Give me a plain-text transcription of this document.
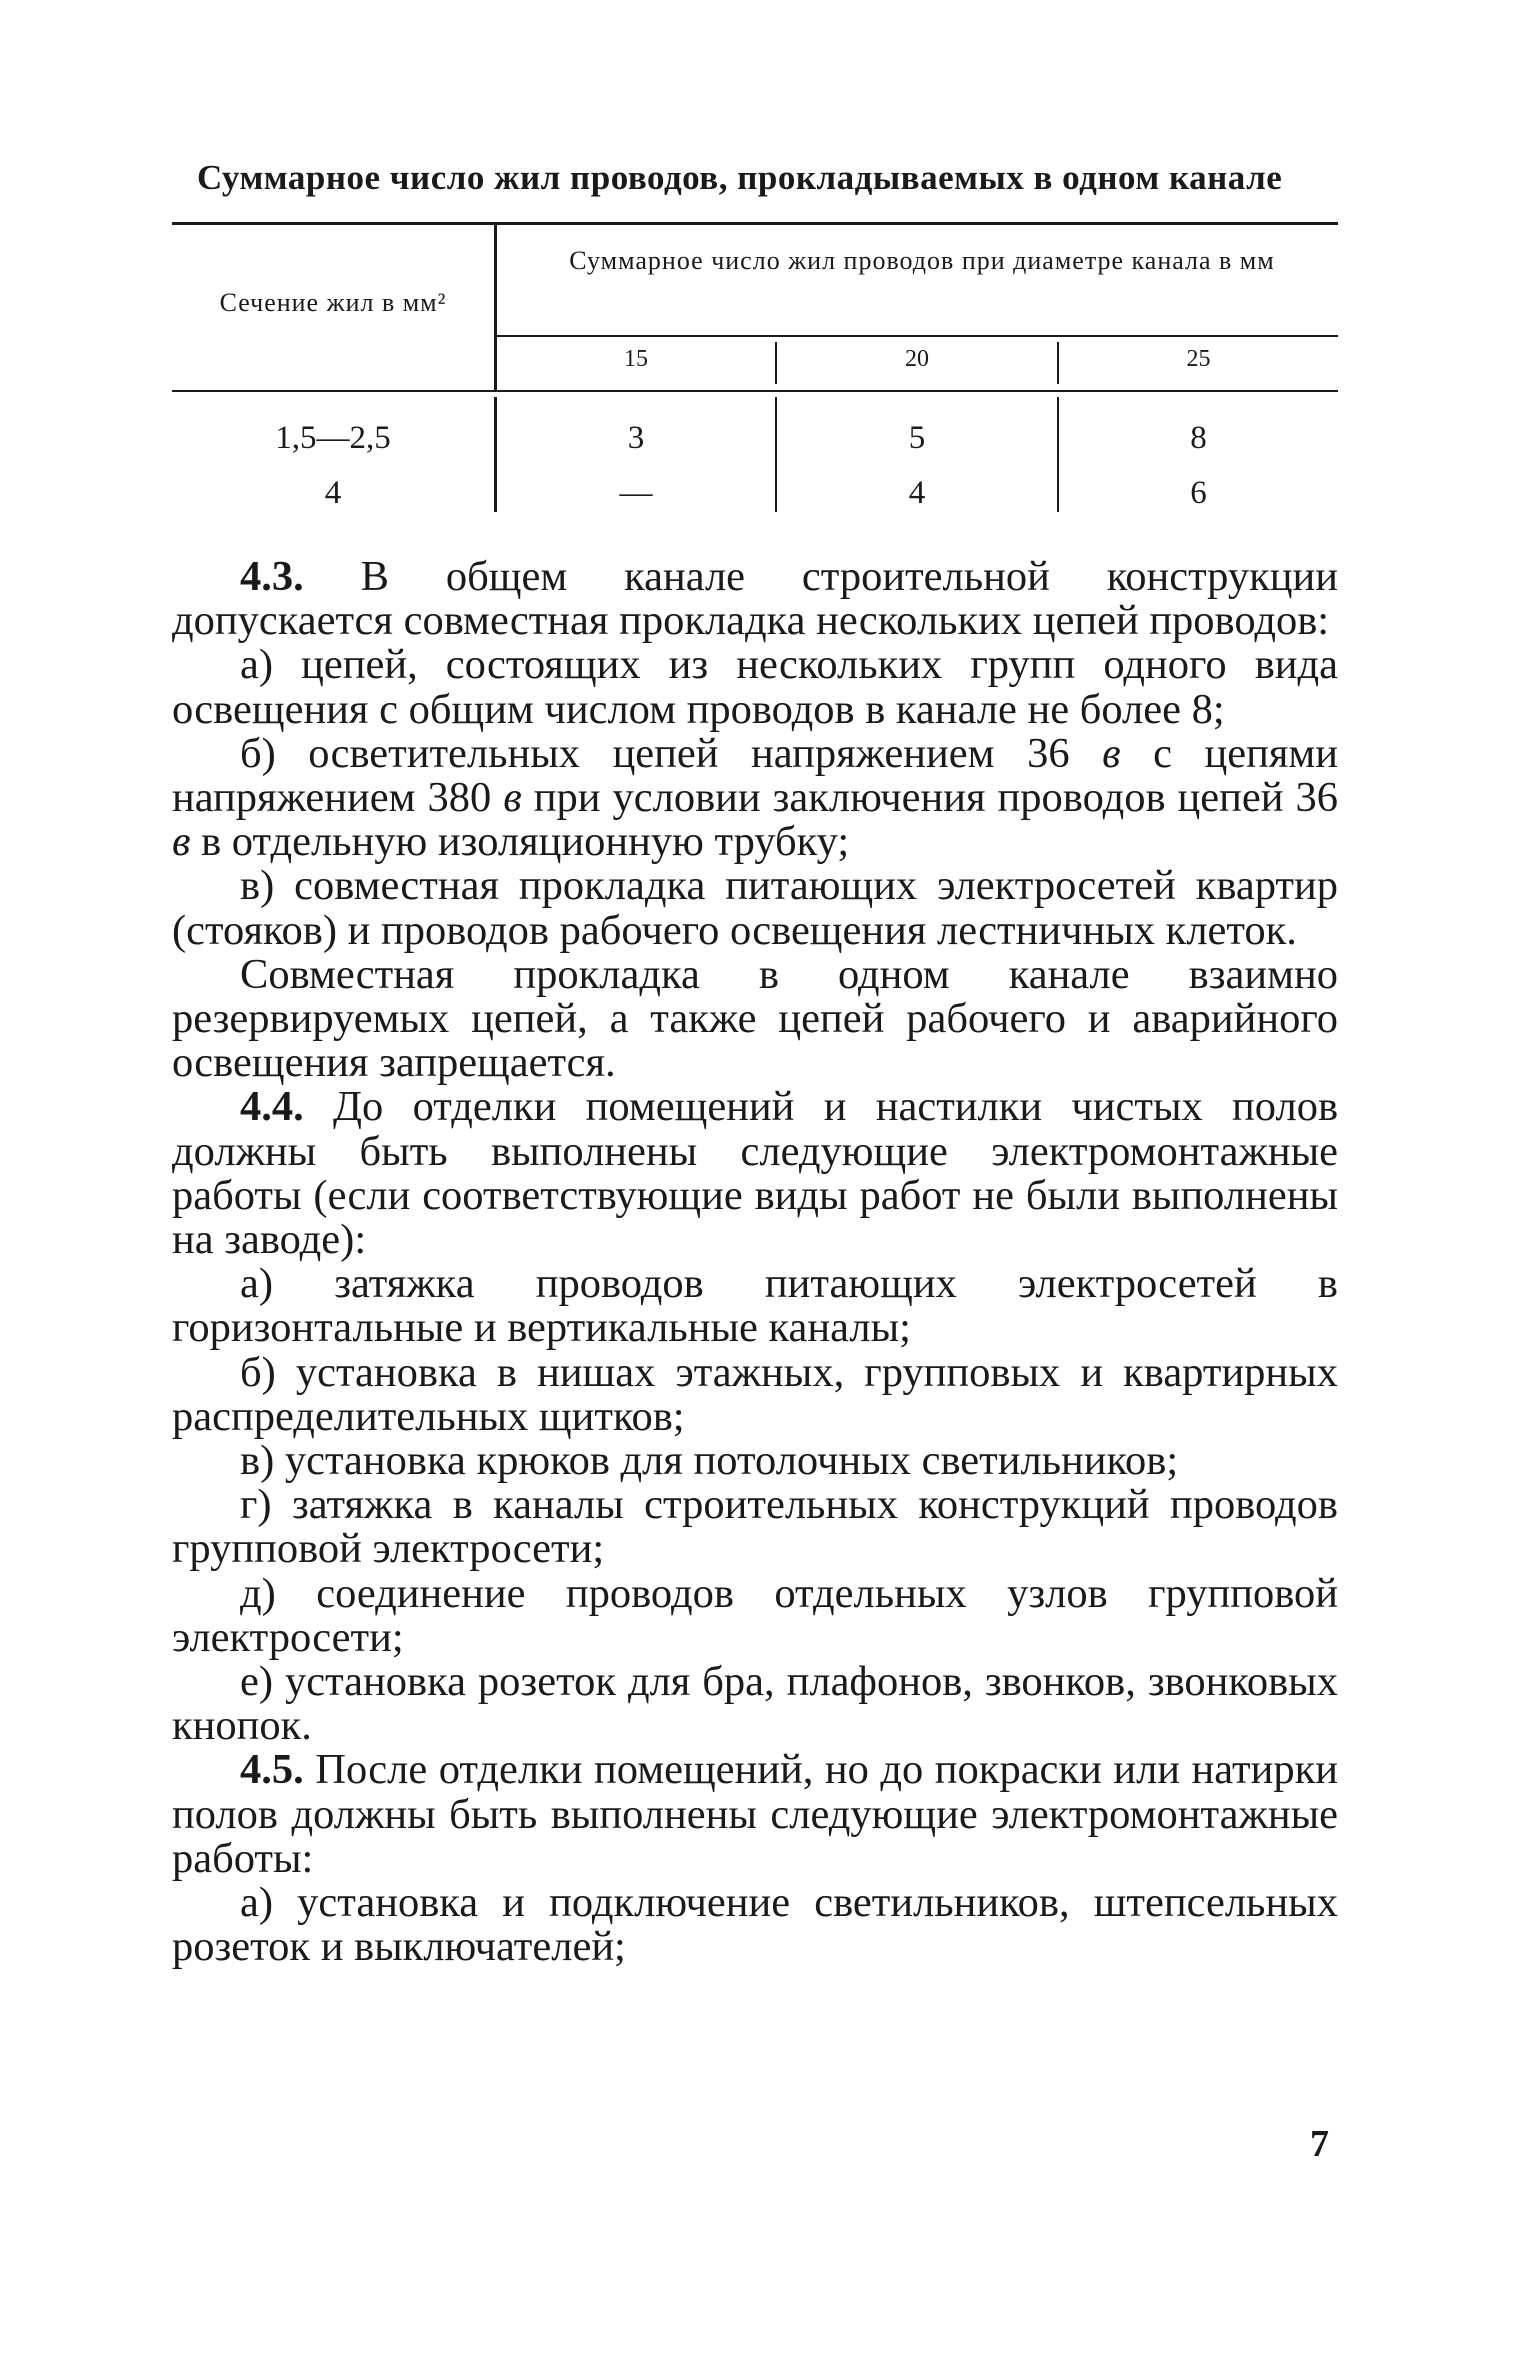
Суммарное число жил проводов, прокладываемых в одном канале
Сечение жил в мм²
Суммарное число жил проводов при диаметре канала в мм
15	20	25
1,5—2,5	3	5	8
4	—	4	6

4.3. В общем канале строительной конструкции допускается совместная прокладка нескольких цепей проводов:

а) цепей, состоящих из нескольких групп одного вида освещения с общим числом проводов в канале не более 8;

б) осветительных цепей напряжением 36 в с цепями напряжением 380 в при условии заключения проводов цепей 36 в в отдельную изоляционную трубку;

в) совместная прокладка питающих электросетей квартир (стояков) и проводов рабочего освещения лестничных клеток.

Совместная прокладка в одном канале взаимно резервируемых цепей, а также цепей рабочего и аварийного освещения запрещается.

4.4. До отделки помещений и настилки чистых полов должны быть выполнены следующие электромонтажные работы (если соответствующие виды работ не были выполнены на заводе):

а) затяжка проводов питающих электросетей в горизонтальные и вертикальные каналы;

б) установка в нишах этажных, групповых и квартирных распределительных щитков;

в) установка крюков для потолочных светильников;

г) затяжка в каналы строительных конструкций проводов групповой электросети;

д) соединение проводов отдельных узлов групповой электросети;

е) установка розеток для бра, плафонов, звонков, звонковых кнопок.

4.5. После отделки помещений, но до покраски или натирки полов должны быть выполнены следующие электромонтажные работы:

а) установка и подключение светильников, штепсельных розеток и выключателей;

7
